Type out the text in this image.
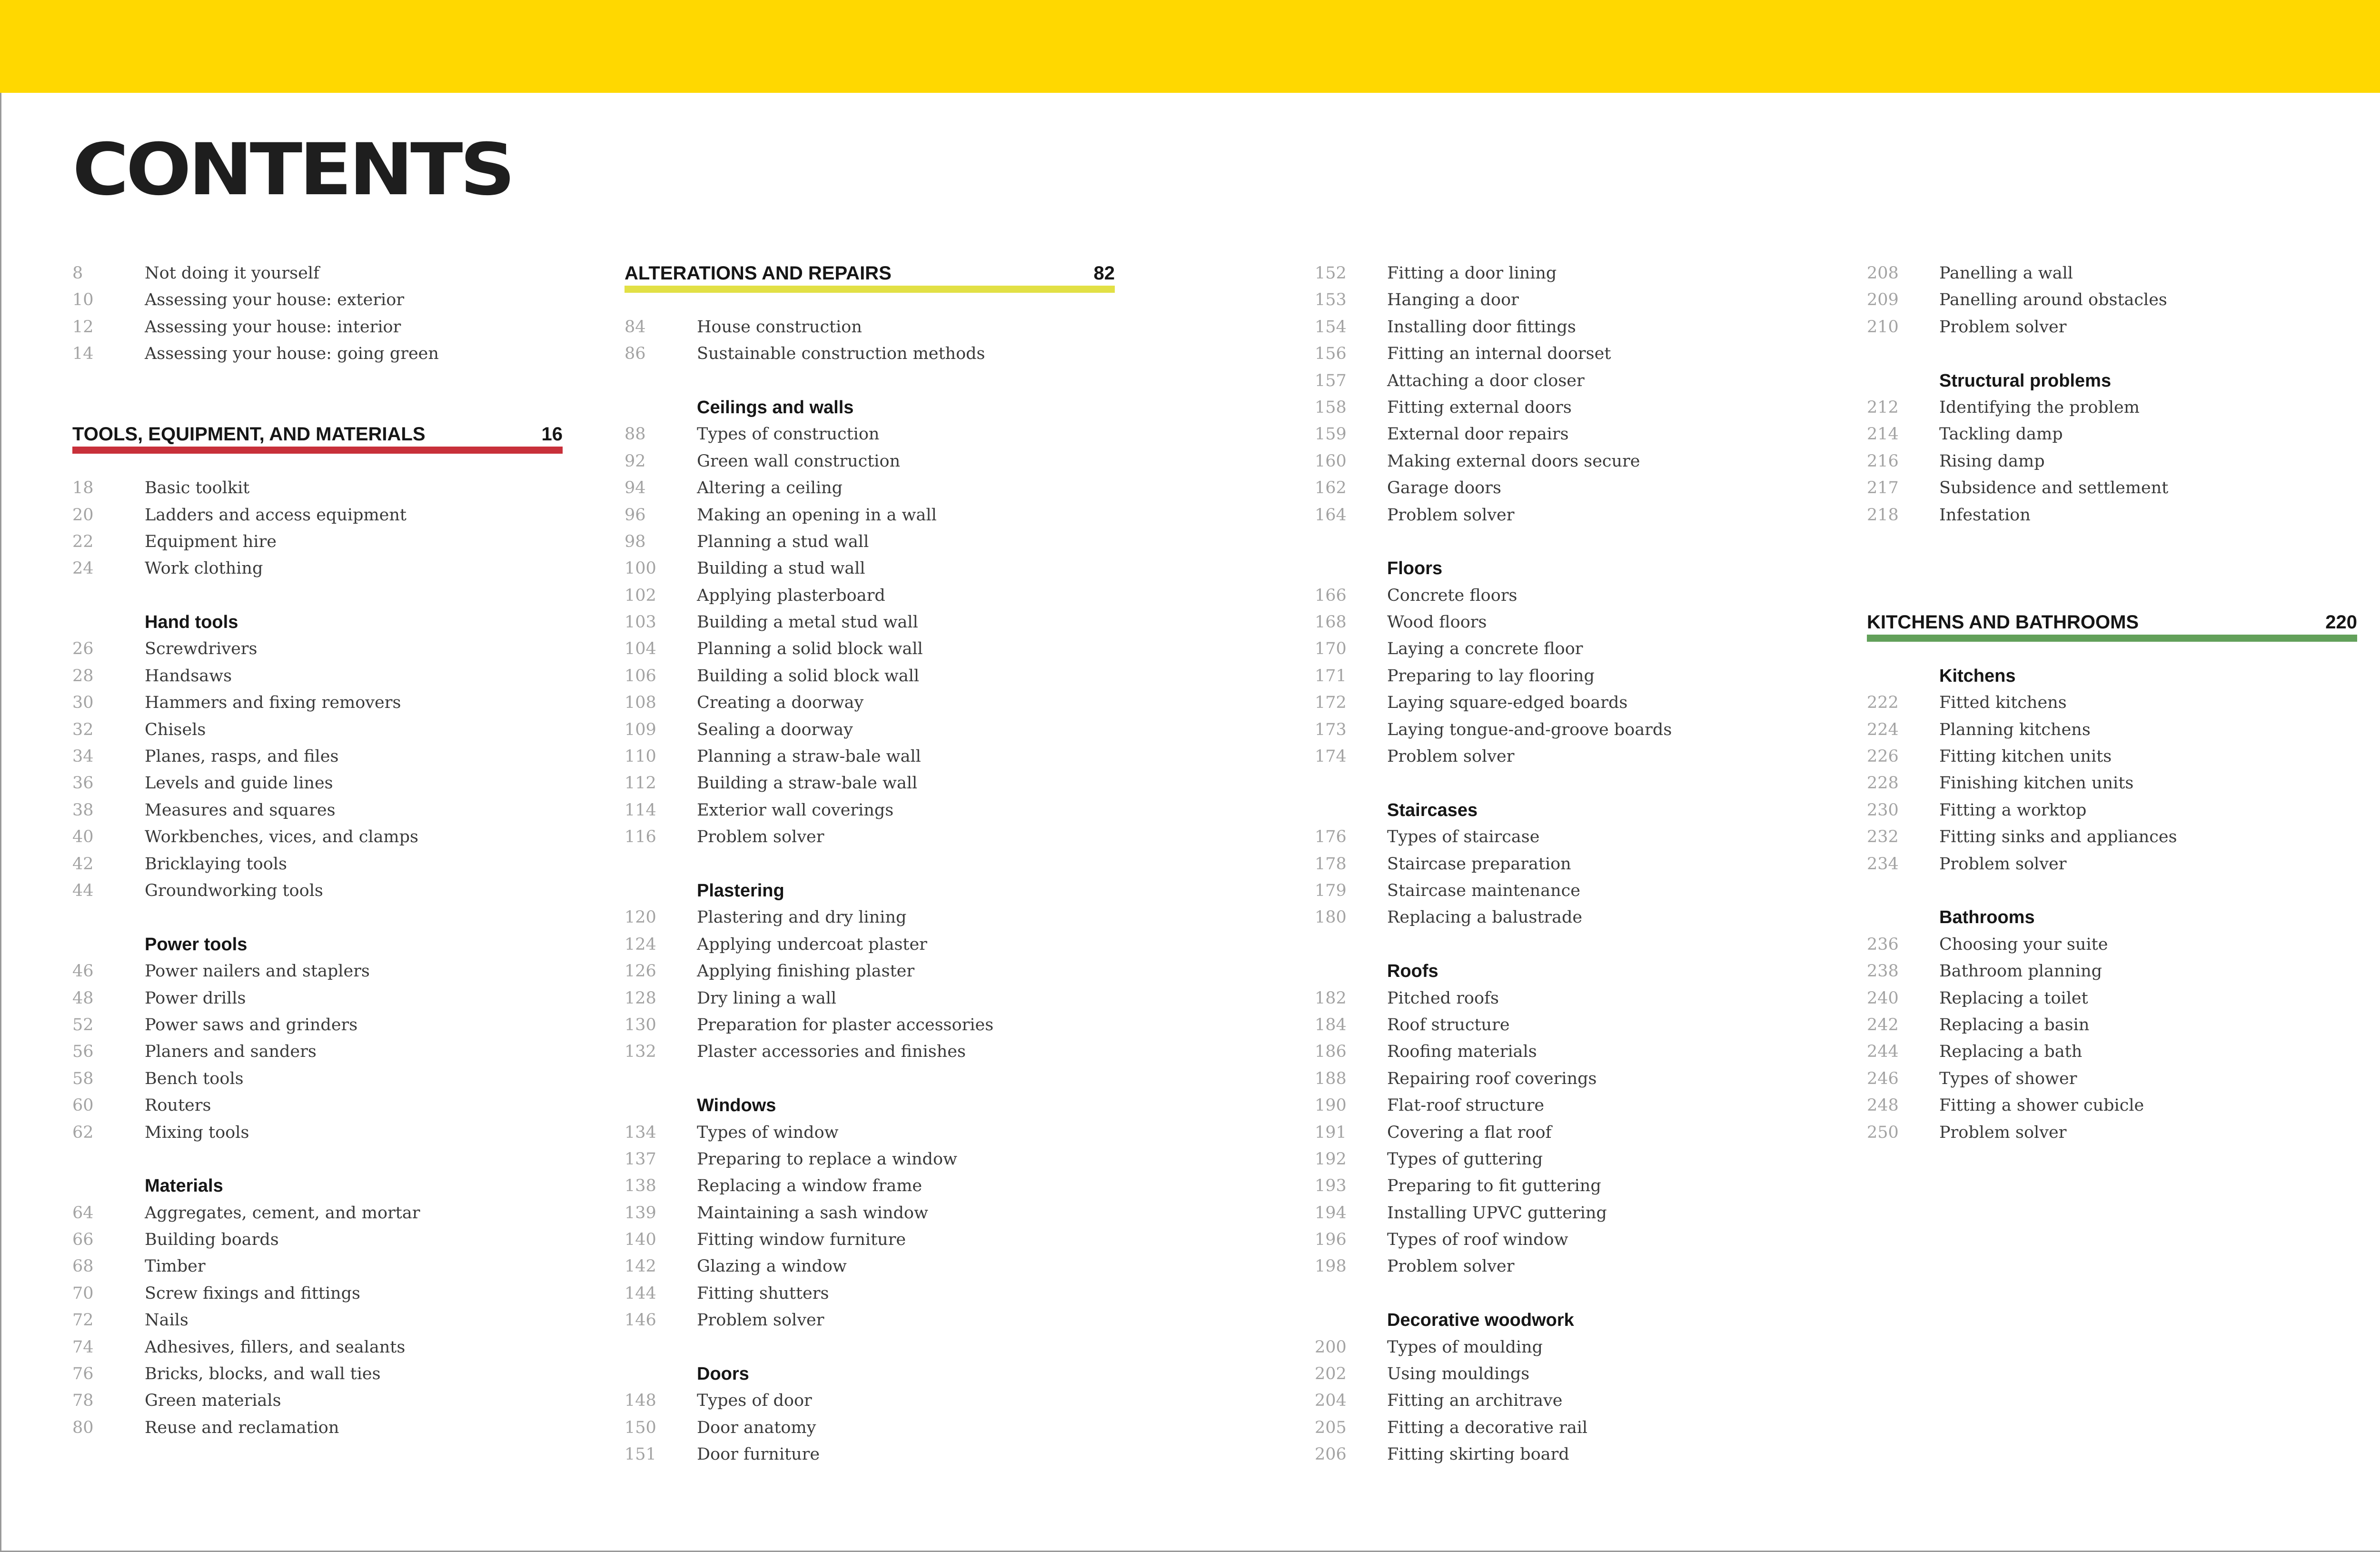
CONTENTS
8	Not doing it yourself
10	Assessing your house: exterior
12	Assessing your house: interior
14	Assessing your house: going green
TOOLS, EQUIPMENT, AND MATERIALS	16
18	Basic toolkit
20	Ladders and access equipment
22	Equipment hire
24	Work clothing
Hand tools
26	Screwdrivers
28	Handsaws
30	Hammers and fixing removers
32	Chisels
34	Planes, rasps, and files
36	Levels and guide lines
38	Measures and squares
40	Workbenches, vices, and clamps
42	Bricklaying tools
44	Groundworking tools
Power tools
46	Power nailers and staplers
48	Power drills
52	Power saws and grinders
56	Planers and sanders
58	Bench tools
60	Routers
62	Mixing tools
Materials
64	Aggregates, cement, and mortar
66	Building boards
68	Timber
70	Screw fixings and fittings
72	Nails
74	Adhesives, fillers, and sealants
76	Bricks, blocks, and wall ties
78	Green materials
80	Reuse and reclamation
ALTERATIONS AND REPAIRS	82
84	House construction
86	Sustainable construction methods
Ceilings and walls
88	Types of construction
92	Green wall construction
94	Altering a ceiling
96	Making an opening in a wall
98	Planning a stud wall
100 Building a stud wall
102 Applying plasterboard
103 Building a metal stud wall
104 Planning a solid block wall
106 Building a solid block wall
108 Creating a doorway
109 Sealing a doorway
110 Planning a straw-bale wall
112 Building a straw-bale wall
114 Exterior wall coverings
116 Problem solver
Plastering
120 Plastering and dry lining
124 Applying undercoat plaster
126 Applying finishing plaster
128 Dry lining a wall
130 Preparation for plaster accessories
132 Plaster accessories and finishes
Windows
134 Types of window
137 Preparing to replace a window
138 Replacing a window frame
139 Maintaining a sash window
140 Fitting window furniture
142 Glazing a window
144 Fitting shutters
146 Problem solver
Doors
148 Types of door
150 Door anatomy
151 Door furniture
152 Fitting a door lining
153 Hanging a door
154 Installing door fittings
156 Fitting an internal doorset
157 Attaching a door closer
158 Fitting external doors
159 External door repairs
160 Making external doors secure
162 Garage doors
164 Problem solver
Floors
166 Concrete floors
168 Wood floors
170 Laying a concrete floor
171 Preparing to lay flooring
172 Laying square-edged boards
173 Laying tongue-and-groove boards
174 Problem solver
Staircases
176 Types of staircase
178 Staircase preparation
179 Staircase maintenance
180 Replacing a balustrade
Roofs
182 Pitched roofs
184 Roof structure
186 Roofing materials
188 Repairing roof coverings
190 Flat-roof structure
191 Covering a flat roof
192 Types of guttering
193 Preparing to fit guttering
194 Installing UPVC guttering
196 Types of roof window
198 Problem solver
Decorative woodwork
200 Types of moulding
202 Using mouldings
204 Fitting an architrave
205 Fitting a decorative rail
206 Fitting skirting board
208 Panelling a wall
209 Panelling around obstacles
210 Problem solver
Structural problems
212 Identifying the problem
214 Tackling damp
216 Rising damp
217 Subsidence and settlement
218 Infestation
KITCHENS AND BATHROOMS	220
Kitchens
222 Fitted kitchens
224 Planning kitchens
226 Fitting kitchen units
228 Finishing kitchen units
230 Fitting a worktop
232 Fitting sinks and appliances
234 Problem solver
Bathrooms
236 Choosing your suite
238 Bathroom planning
240 Replacing a toilet
242 Replacing a basin
244 Replacing a bath
246 Types of shower
248 Fitting a shower cubicle
250 Problem solver
